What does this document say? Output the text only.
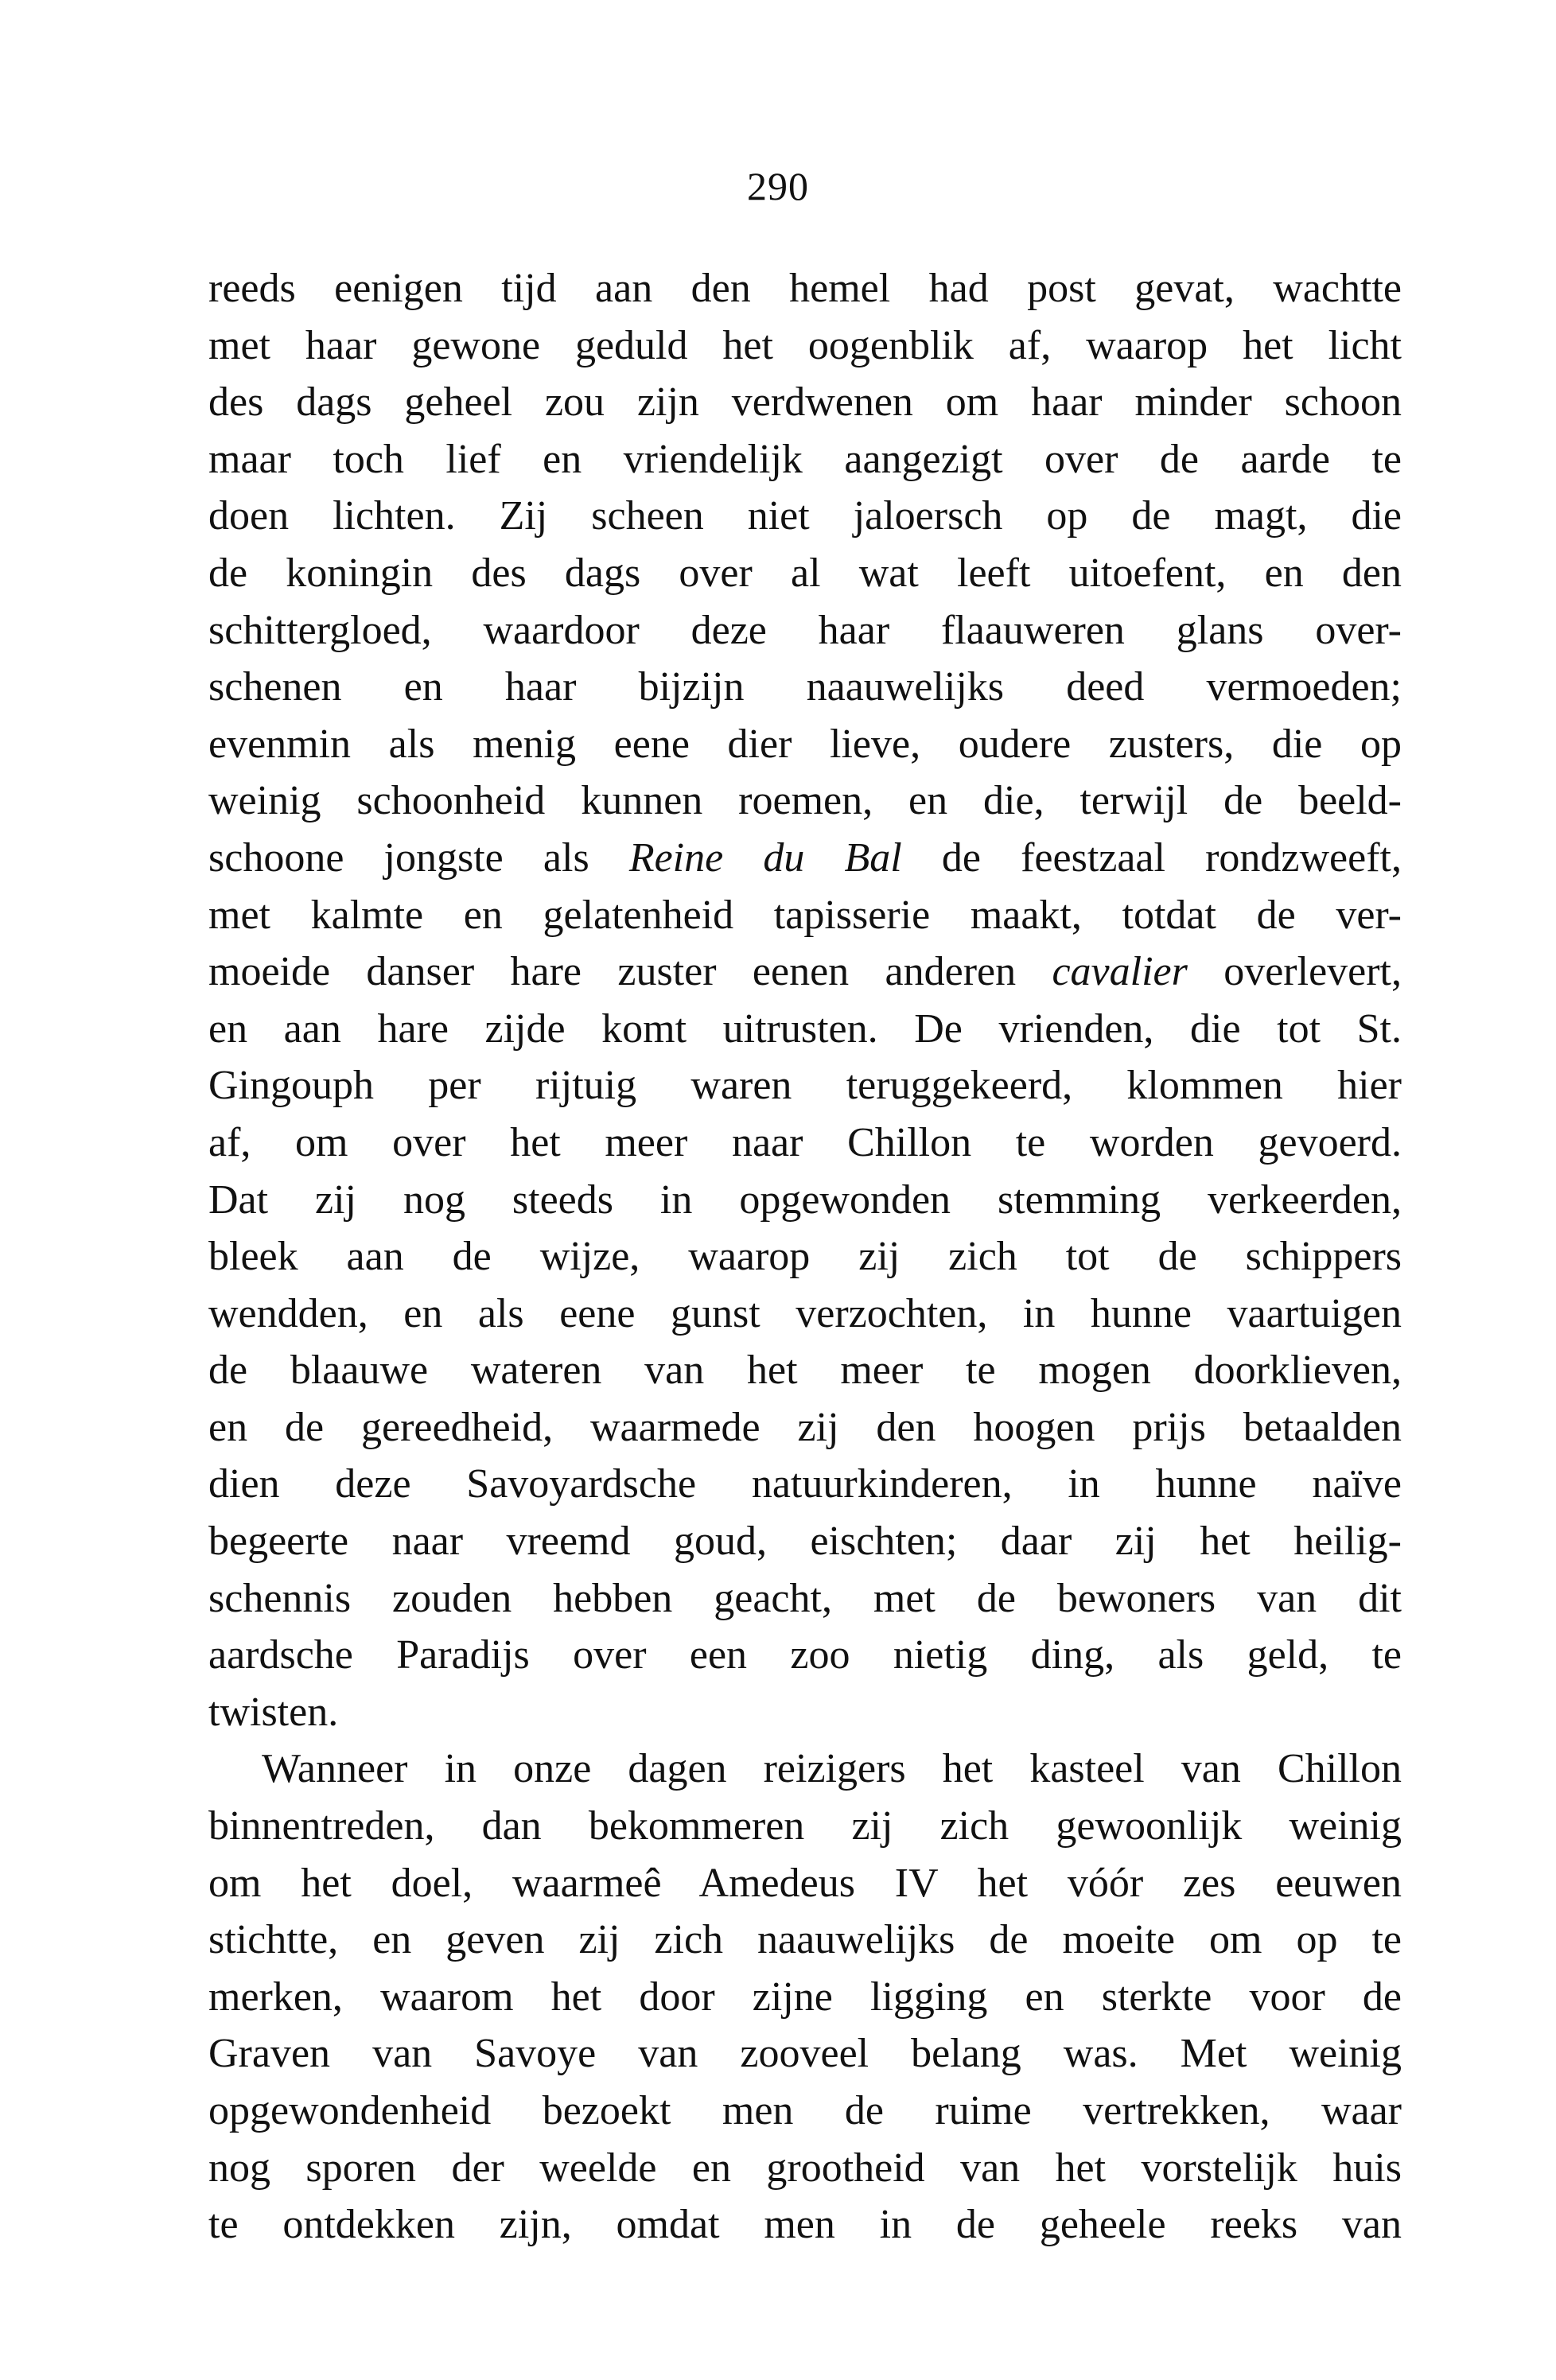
290
reeds eenigen tijd aan den hemel had post gevat, wachtte
met haar gewone geduld het oogenblik af, waarop het licht
des dags geheel zou zijn verdwenen om haar minder schoon
maar toch lief en vriendelijk aangezigt over de aarde te
doen lichten. Zij scheen niet jaloersch op de magt, die
de koningin des dags over al wat leeft uitoefent, en den
schittergloed, waardoor deze haar flaauweren glans over-
schenen en haar bijzijn naauwelijks deed vermoeden;
evenmin als menig eene dier lieve, oudere zusters, die op
weinig schoonheid kunnen roemen, en die, terwijl de beeld-
schoone jongste als Reine du Bal de feestzaal rondzweeft,
met kalmte en gelatenheid tapisserie maakt, totdat de ver-
moeide danser hare zuster eenen anderen cavalier overlevert,
en aan hare zijde komt uitrusten. De vrienden, die tot St.
Gingouph per rijtuig waren teruggekeerd, klommen hier
af, om over het meer naar Chillon te worden gevoerd.
Dat zij nog steeds in opgewonden stemming verkeerden,
bleek aan de wijze, waarop zij zich tot de schippers
wendden, en als eene gunst verzochten, in hunne vaartuigen
de blaauwe wateren van het meer te mogen doorklieven,
en de gereedheid, waarmede zij den hoogen prijs betaalden
dien deze Savoyardsche natuurkinderen, in hunne naïve
begeerte naar vreemd goud, eischten; daar zij het heilig-
schennis zouden hebben geacht, met de bewoners van dit
aardsche Paradijs over een zoo nietig ding, als geld, te
twisten.
Wanneer in onze dagen reizigers het kasteel van Chillon
binnentreden, dan bekommeren zij zich gewoonlijk weinig
om het doel, waarmeê Amedeus IV het vóór zes eeuwen
stichtte, en geven zij zich naauwelijks de moeite om op te
merken, waarom het door zijne ligging en sterkte voor de
Graven van Savoye van zooveel belang was. Met weinig
opgewondenheid bezoekt men de ruime vertrekken, waar
nog sporen der weelde en grootheid van het vorstelijk huis
te ontdekken zijn, omdat men in de geheele reeks van
